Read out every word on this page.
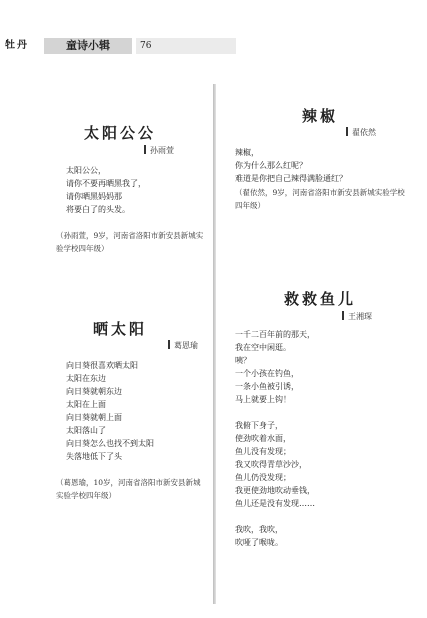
牡丹	童诗小辑	76
太阳公公
孙雨萱
太阳公公，
请你不要再晒黑我了，
请你晒黑妈妈那
将要白了的头发。
（孙雨萱，9岁，河南省洛阳市新安县新城实验学校四年级）
晒太阳
葛恩瑜
向日葵很喜欢晒太阳
太阳在东边
向日葵就朝东边
太阳在上面
向日葵就朝上面
太阳落山了
向日葵怎么也找不到太阳
失落地低下了头
（葛恩瑜，10岁，河南省洛阳市新安县新城实验学校四年级）
辣椒
翟依然
辣椒，
你为什么那么红呢？
难道是你把自己辣得满脸通红？
（翟依然，9岁，河南省洛阳市新安县新城实验学校四年级）
救救鱼儿
王湘琛
一千二百年前的那天，
我在空中闲逛。
咦？
一个小孩在钓鱼，
一条小鱼被引诱，
马上就要上钩！
我俯下身子，
使劲吹着水面，
鱼儿没有发现；
我又吹得青草沙沙，
鱼儿仍没发现；
我更使劲地吹动垂钱，
鱼儿还是没有发现……
我吹，我吹，
吹哑了喉咙。
